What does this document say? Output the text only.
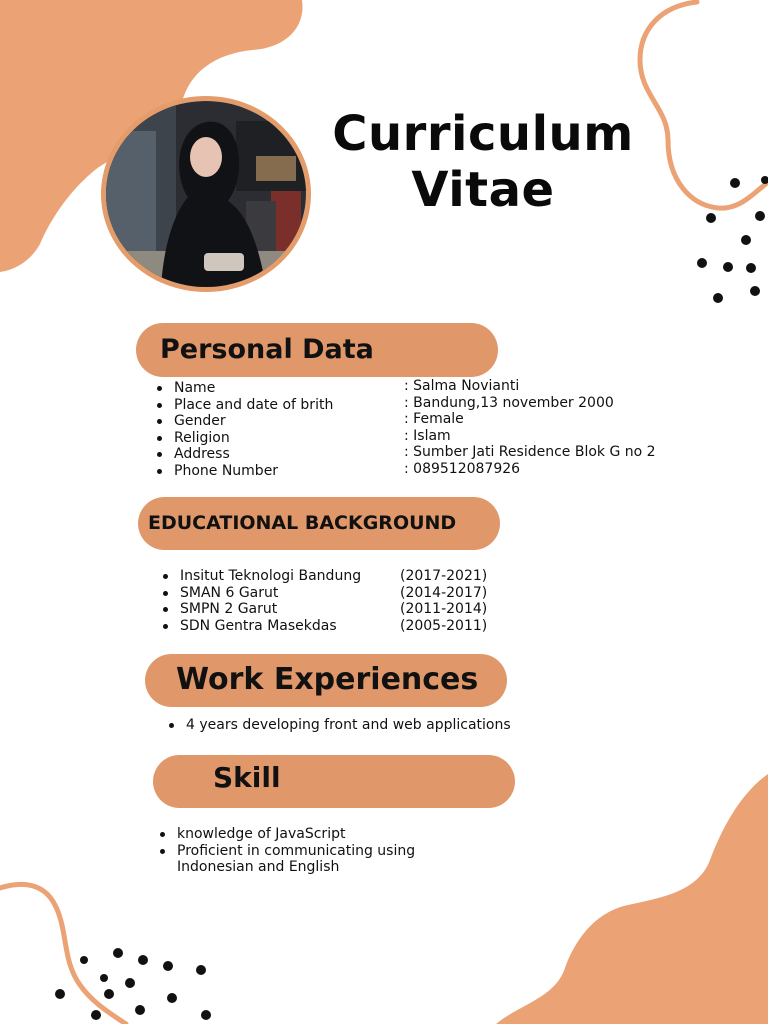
Curriculum
Vitae
Personal Data
Name
Place and date of brith
Gender
Religion
Address
Phone Number
: Salma Novianti
: Bandung,13 november 2000
: Female
: Islam
: Sumber Jati Residence Blok G no 2
: 089512087926
EDUCATIONAL BACKGROUND
Insitut Teknologi Bandung
SMAN 6 Garut
SMPN 2 Garut
SDN Gentra Masekdas
(2017-2021)
(2014-2017)
(2011-2014)
(2005-2011)
Work Experiences
4 years developing front and web applications
Skill
knowledge of JavaScript
Proficient in communicating using Indonesian and English
